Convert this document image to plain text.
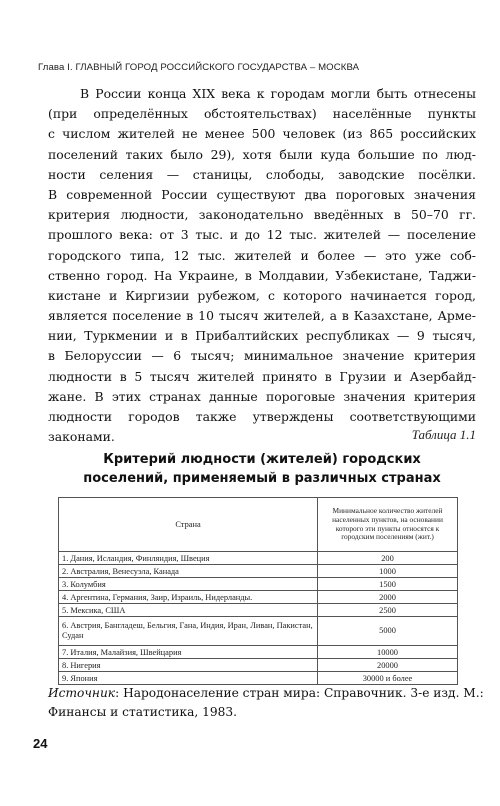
Глава I. ГЛАВНЫЙ ГОРОД РОССИЙСКОГО ГОСУДАРСТВА – МОСКВА
В России конца XIX века к городам могли быть отнесены
(при определённых обстоятельствах) населённые пункты
с числом жителей не менее 500 человек (из 865 российских
поселений таких было 29), хотя были куда большие по люд-
ности селения — станицы, слободы, заводские посёлки.
В современной России существуют два пороговых значения
критерия людности, законодательно введённых в 50–70 гг.
прошлого века: от 3 тыс. и до 12 тыс. жителей — поселение
городского типа, 12 тыс. жителей и более — это уже соб-
ственно город. На Украине, в Молдавии, Узбекистане, Таджи-
кистане и Киргизии рубежом, с которого начинается город,
является поселение в 10 тысяч жителей, а в Казахстане, Арме-
нии, Туркмении и в Прибалтийских республиках — 9 тысяч,
в Белоруссии — 6 тысяч; минимальное значение критерия
людности в 5 тысяч жителей принято в Грузии и Азербайд-
жане. В этих странах данные пороговые значения критерия
людности городов также утверждены соответствующими
законами.	Таблица 1.1
Критерий людности (жителей) городских
поселений, применяемый в различных странах
Страна	Минимальное количество жителей населенных пунктов, на основании которого эти пункты относятся к городским поселениям (жит.)
1. Дания, Исландия, Финляндия, Швеция	200
2. Австралия, Венесуэла, Канада	1000
3. Колумбия	1500
4. Аргентина, Германия, Заир, Израиль, Нидерланды.	2000
5. Мексика, США	2500
6. Австрия, Бангладеш, Бельгия, Гана, Индия, Иран, Ливан, Пакистан, Судан	5000
7. Италия, Малайзия, Швейцария	10000
8. Нигерия	20000
9. Япония	30000 и более
Источник: Народонаселение стран мира: Справочник. 3-е изд. М.:
Финансы и статистика, 1983.
24
